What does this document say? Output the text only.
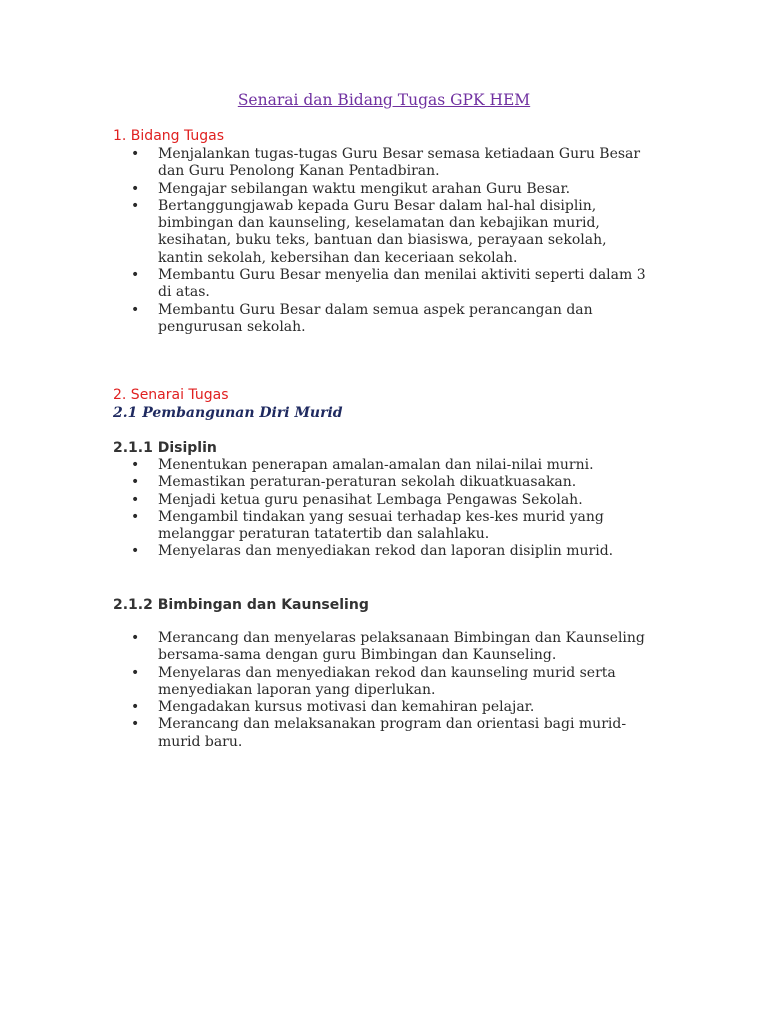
Senarai dan Bidang Tugas GPK HEM
1. Bidang Tugas
• Menjalankan tugas-tugas Guru Besar semasa ketiadaan Guru Besar dan Guru Penolong Kanan Pentadbiran.
• Mengajar sebilangan waktu mengikut arahan Guru Besar.
• Bertanggungjawab kepada Guru Besar dalam hal-hal disiplin, bimbingan dan kaunseling, keselamatan dan kebajikan murid, kesihatan, buku teks, bantuan dan biasiswa, perayaan sekolah, kantin sekolah, kebersihan dan keceriaan sekolah.
• Membantu Guru Besar menyelia dan menilai aktiviti seperti dalam 3 di atas.
• Membantu Guru Besar dalam semua aspek perancangan dan pengurusan sekolah.
2. Senarai Tugas
2.1 Pembangunan Diri Murid
2.1.1 Disiplin
• Menentukan penerapan amalan-amalan dan nilai-nilai murni.
• Memastikan peraturan-peraturan sekolah dikuatkuasakan.
• Menjadi ketua guru penasihat Lembaga Pengawas Sekolah.
• Mengambil tindakan yang sesuai terhadap kes-kes murid yang melanggar peraturan tatatertib dan salahlaku.
• Menyelaras dan menyediakan rekod dan laporan disiplin murid.
2.1.2 Bimbingan dan Kaunseling
• Merancang dan menyelaras pelaksanaan Bimbingan dan Kaunseling bersama-sama dengan guru Bimbingan dan Kaunseling.
• Menyelaras dan menyediakan rekod dan kaunseling murid serta menyediakan laporan yang diperlukan.
• Mengadakan kursus motivasi dan kemahiran pelajar.
• Merancang dan melaksanakan program dan orientasi bagi murid-murid baru.
